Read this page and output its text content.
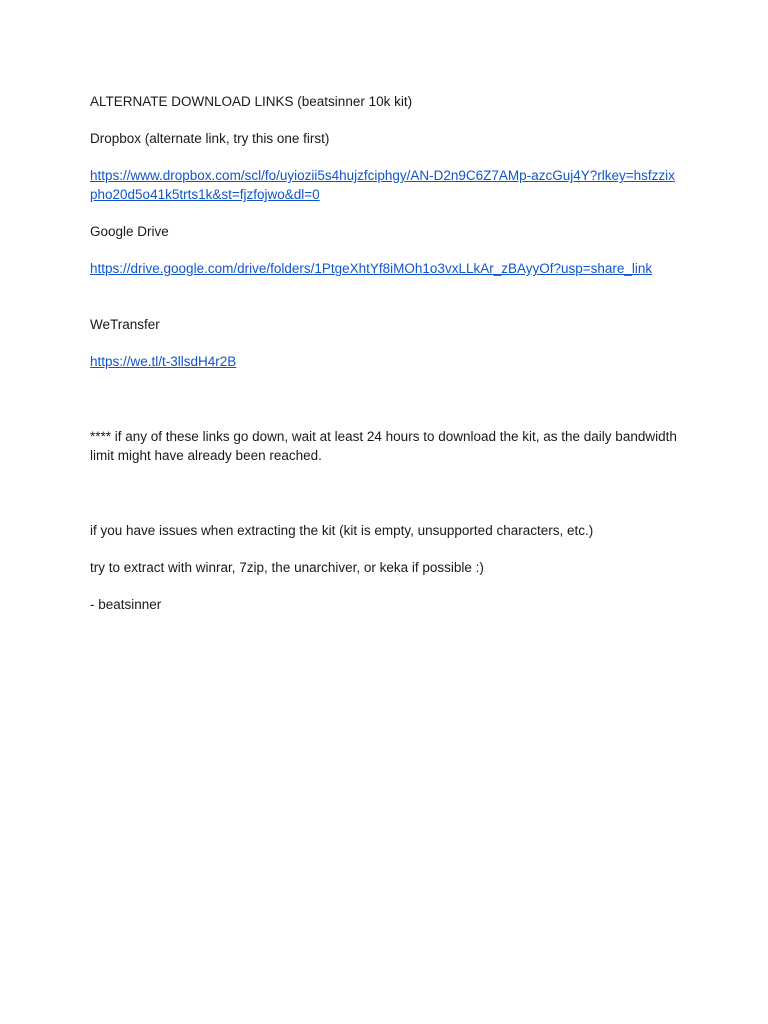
ALTERNATE DOWNLOAD LINKS (beatsinner 10k kit)

Dropbox (alternate link, try this one first)

https://www.dropbox.com/scl/fo/uyiozii5s4hujzfciphgy/AN-D2n9C6Z7AMp-azcGuj4Y?rlkey=hsfzzixpho20d5o41k5trts1k&st=fjzfojwo&dl=0

Google Drive

https://drive.google.com/drive/folders/1PtgeXhtYf8iMOh1o3vxLLkAr_zBAyyOf?usp=share_link

WeTransfer

https://we.tl/t-3llsdH4r2B

**** if any of these links go down, wait at least 24 hours to download the kit, as the daily bandwidth limit might have already been reached.

if you have issues when extracting the kit (kit is empty, unsupported characters, etc.)

try to extract with winrar, 7zip, the unarchiver, or keka if possible :)

- beatsinner
